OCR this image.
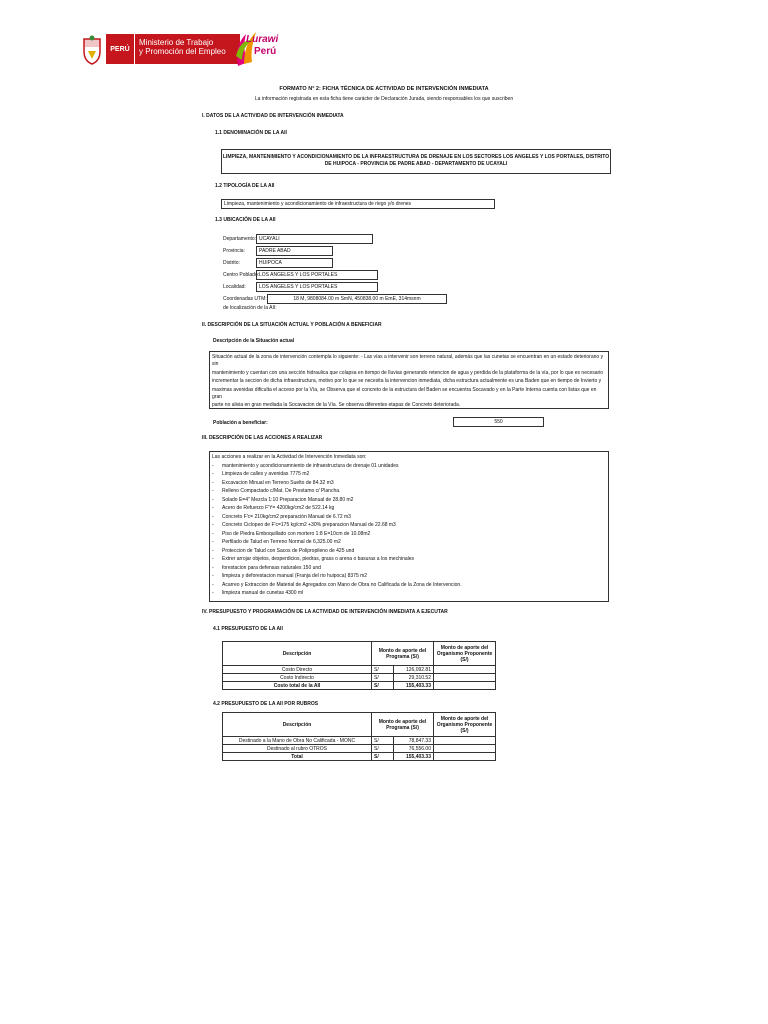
PERÚ
Ministerio de Trabajo
y Promoción del Empleo
Lurawi
Perú
FORMATO N° 2: FICHA TÉCNICA DE ACTIVIDAD DE INTERVENCIÓN INMEDIATA
La información registrada en esta ficha tiene carácter de Declaración Jurada, siendo responsables los que suscriben
I. DATOS DE LA ACTIVIDAD DE INTERVENCIÓN INMEDIATA
1.1 DENOMINACIÓN DE LA AII
LIMPIEZA, MANTENIMIENTO Y ACONDICIONAMIENTO DE LA INFRAESTRUCTURA DE DRENAJE EN LOS SECTORES LOS ANGELES Y LOS PORTALES, DISTRITO
DE HUIPOCA - PROVINCIA DE PADRE ABAD - DEPARTAMENTO DE UCAYALI
1.2 TIPOLOGÍA DE LA AII
Limpieza, mantenimiento y acondicionamiento de infraestructura de riego y/o drenes
1.3 UBICACIÓN DE LA AII
Departamento: UCAYALI
Provincia:	PADRE ABAD
Distrito:	HUIPOCA
Centro Poblado: LOS ANGELES Y LOS PORTALES
Localidad:	LOS ANGELES Y LOS PORTALES
Coordenadas UTM:
de localización de la AII:
18 M, 9808084.00 m SmN, 450838.00 m EmE, 314msnm
II. DESCRIPCIÓN DE LA SITUACIÓN ACTUAL Y POBLACIÓN A BENEFICIAR
Descripción de la Situación actual
Situación actual de la zona de intervención contempla lo siguiente: - Las vías a intervenir son terreno natural, además que las cunetas se encuentran en un estado deteriorano y sin
mantenimiento y cuentan con una sección hidraulica que colapsa en tiempo de lluvias generando retencion de agua y perdida de la plataforma de la vía, por lo que es necesario
incrementar la seccion de dicha infraestructura, motivo por lo que se necesita la intervencion inmediata, dicha estructura actualmente es una Baden que en tiempo de Invierto y
maximas avenidas dificulta el acceso por la Vía, se Observa que el concreto de la estructura del Baden se encuentra Socavado y en la Parte Interna cuenta con listas que en gran
parte no alivia en gran mediada la Socavacion de la Vía. Se observa diferentes etapas de Concreto deteriorada.
Población a beneficiar:	550
III. DESCRIPCIÓN DE LAS ACCIONES A REALIZAR
Las acciones a realizar en la Actividad de Intervención Inmediata son:
-	mantenimiento y acondicionamniento de infraestructura de drenaje 01 unidades
-	Limpieza de calles y avenidas 7775 m2
-	Excavacion Minual en Terreno Suelto de 84.32 m3
-	Relleno Compactado c/Mat. De Prestamo c/ Plancha.
-	Solado E=4" Mezcla 1:10 Preparacion Manual de 28.80 m2
-	Acero de Refuerzo F'Y= 4200kg/cm2 de 522.14 kg
-	Concreto F'c= 210kg/cm2 preparación Manual de 6.72 m3
-	Concreto Ciclopeo de F'c=175 kg/cm2 +30% preparacion Manual de 22.68 m3
-	Piso de Piedra Emboquillado con mortero 1:8 E=10cm de 10.08m2
-	Perfilado de Talud en Terreno Normal de 6,325.00 m2
-	Proteccion de Talud con Sacos de Polipropileno de 425 und
-	Extrer arrojar objetos, desperdicios, piedras, grass o arena o basuras a los mechinales
-	forestacion para defensas naturales 150 und
-	limpieza y deforestacion manual (Franja del rio huipoca) 8375 m2
-	Acarreo y Extraccion de Material de Agregados con Mano de Obra no Calificada de la Zona de Intervencion.
-	limpieza manual de cunetas 4300 ml
IV. PRESUPUESTO Y PROGRAMACIÓN DE LA ACTIVIDAD DE INTERVENCIÓN INMEDIATA A EJECUTAR
4.1 PRESUPUESTO DE LA AII
Descripción	Monto de aporte del Programa (S/)		Monto de aporte del Organismo Proponente (S/)
Costo Directo	S/	126,092.81	
Costo Indirecto	S/	29,310.52	
Costo total de la AII	S/	155,403.33	
4.2 PRESUPUESTO DE LA AII POR RUBROS
Descripción	Monto de aporte del Programa (S/)		Monto de aporte del Organismo Proponente (S/)
Destinado a la Mano de Obra No Calificada - MONC	S/	78,847.33	
Destinado al rubro OTROS	S/	76,556.00	
Total	S/	155,403.33	
